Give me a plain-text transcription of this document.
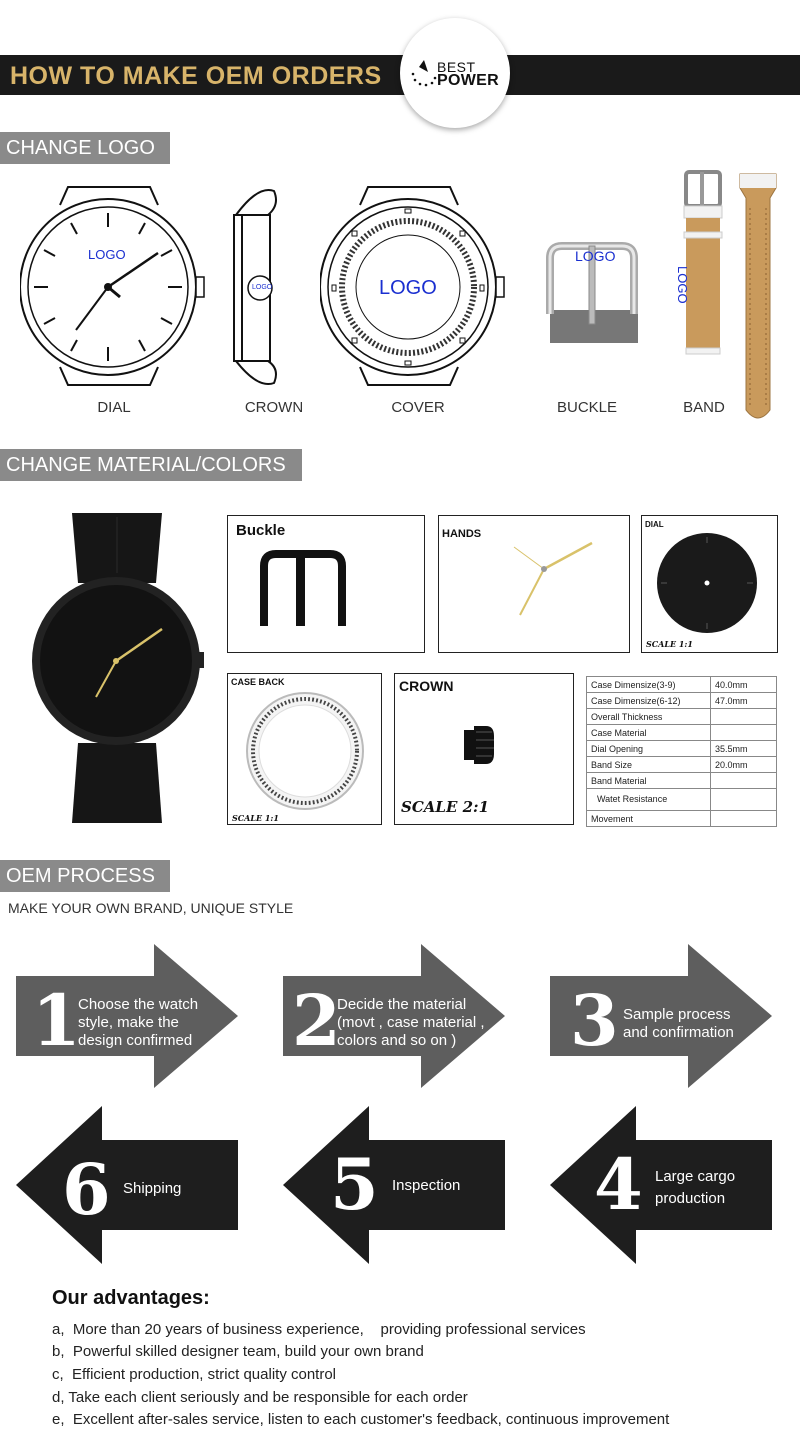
HOW TO MAKE OEM ORDERS	BEST
POWER
CHANGE LOGO
LOGO
LOGO	LOGO
LOGO
LOGO
DIAL	CROWN	COVER	BUCKLE	BAND
CHANGE MATERIAL/COLORS
Buckle	HANDS
DIAL
SCALE 1:1
CASE BACK
SCALE 1:1
CROWN
SCALE 2:1
Case Dimensize(3-9)	40.0mm
Case Dimensize(6-12)	47.0mm
Overall Thickness	
Case Material	
Dial Opening	35.5mm
Band Size	20.0mm
Band Material	
Watet Resistance	
Movement	
OEM PROCESS
MAKE YOUR OWN BRAND, UNIQUE STYLE
1
Choose the watch style, make the design confirmed	2
Decide the material (movt , case material , colors and so on )	3 Sample process and confirmation
4 Large cargo production
5 Inspection
6 Shipping
Our advantages:
a,  More than 20 years of business experience,    providing professional services
b,  Powerful skilled designer team, build your own brand
c,  Efficient production, strict quality control
d, Take each client seriously and be responsible for each order
e,  Excellent after-sales service, listen to each customer's feedback, continuous improvement
